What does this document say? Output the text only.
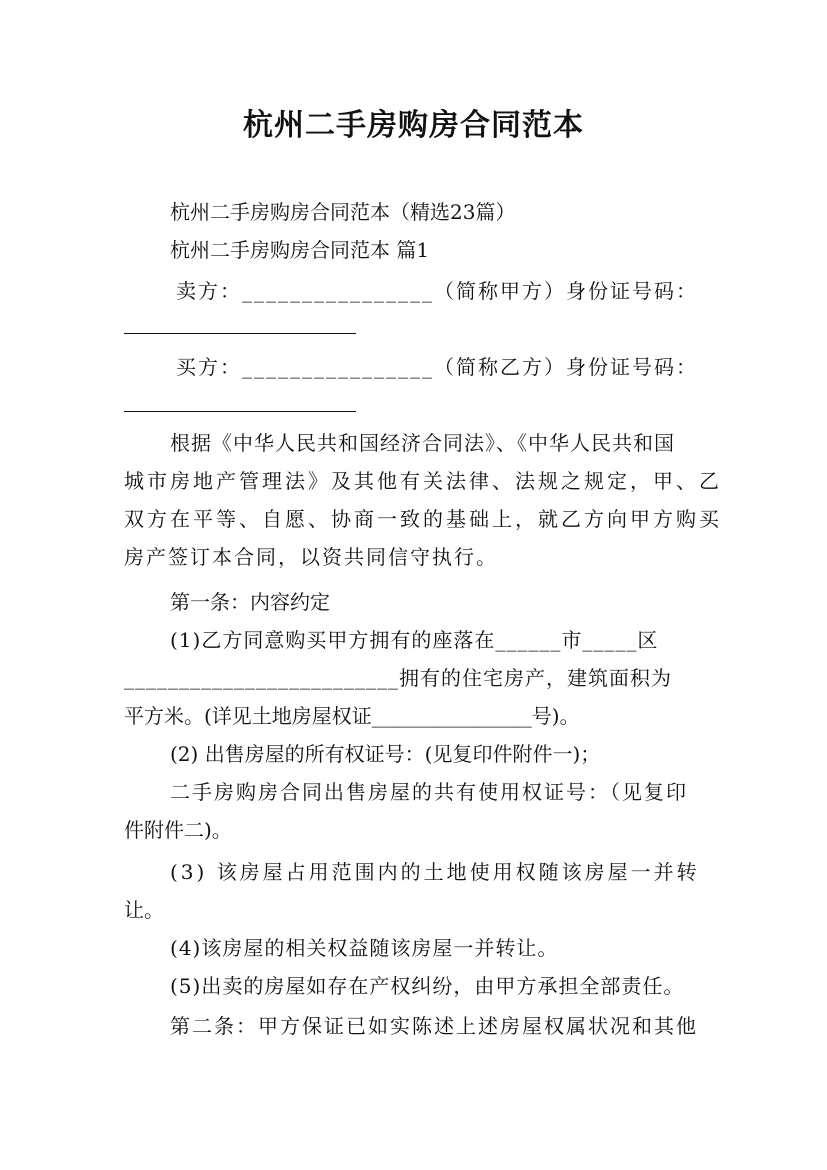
杭州二手房购房合同范本
杭州二手房购房合同范本（精选23篇）
杭州二手房购房合同范本 篇1
卖方：________________（简称甲方）身份证号码：
买方：________________（简称乙方）身份证号码：
根据《中华人民共和国经济合同法》、《中华人民共和国
城市房地产管理法》及其他有关法律、法规之规定，甲、乙
双方在平等、自愿、协商一致的基础上，就乙方向甲方购买
房产签订本合同，以资共同信守执行。
第一条：内容约定
(1)乙方同意购买甲方拥有的座落在______市_____区
_________________________拥有的住宅房产，建筑面积为
平方米。(详见土地房屋权证________________号)。
(2) 出售房屋的所有权证号：(见复印件附件一)；
二手房购房合同出售房屋的共有使用权证号：（见复印
件附件二)。
(3) 该房屋占用范围内的土地使用权随该房屋一并转
让。
(4)该房屋的相关权益随该房屋一并转让。
(5)出卖的房屋如存在产权纠纷，由甲方承担全部责任。
第二条：甲方保证已如实陈述上述房屋权属状况和其他
